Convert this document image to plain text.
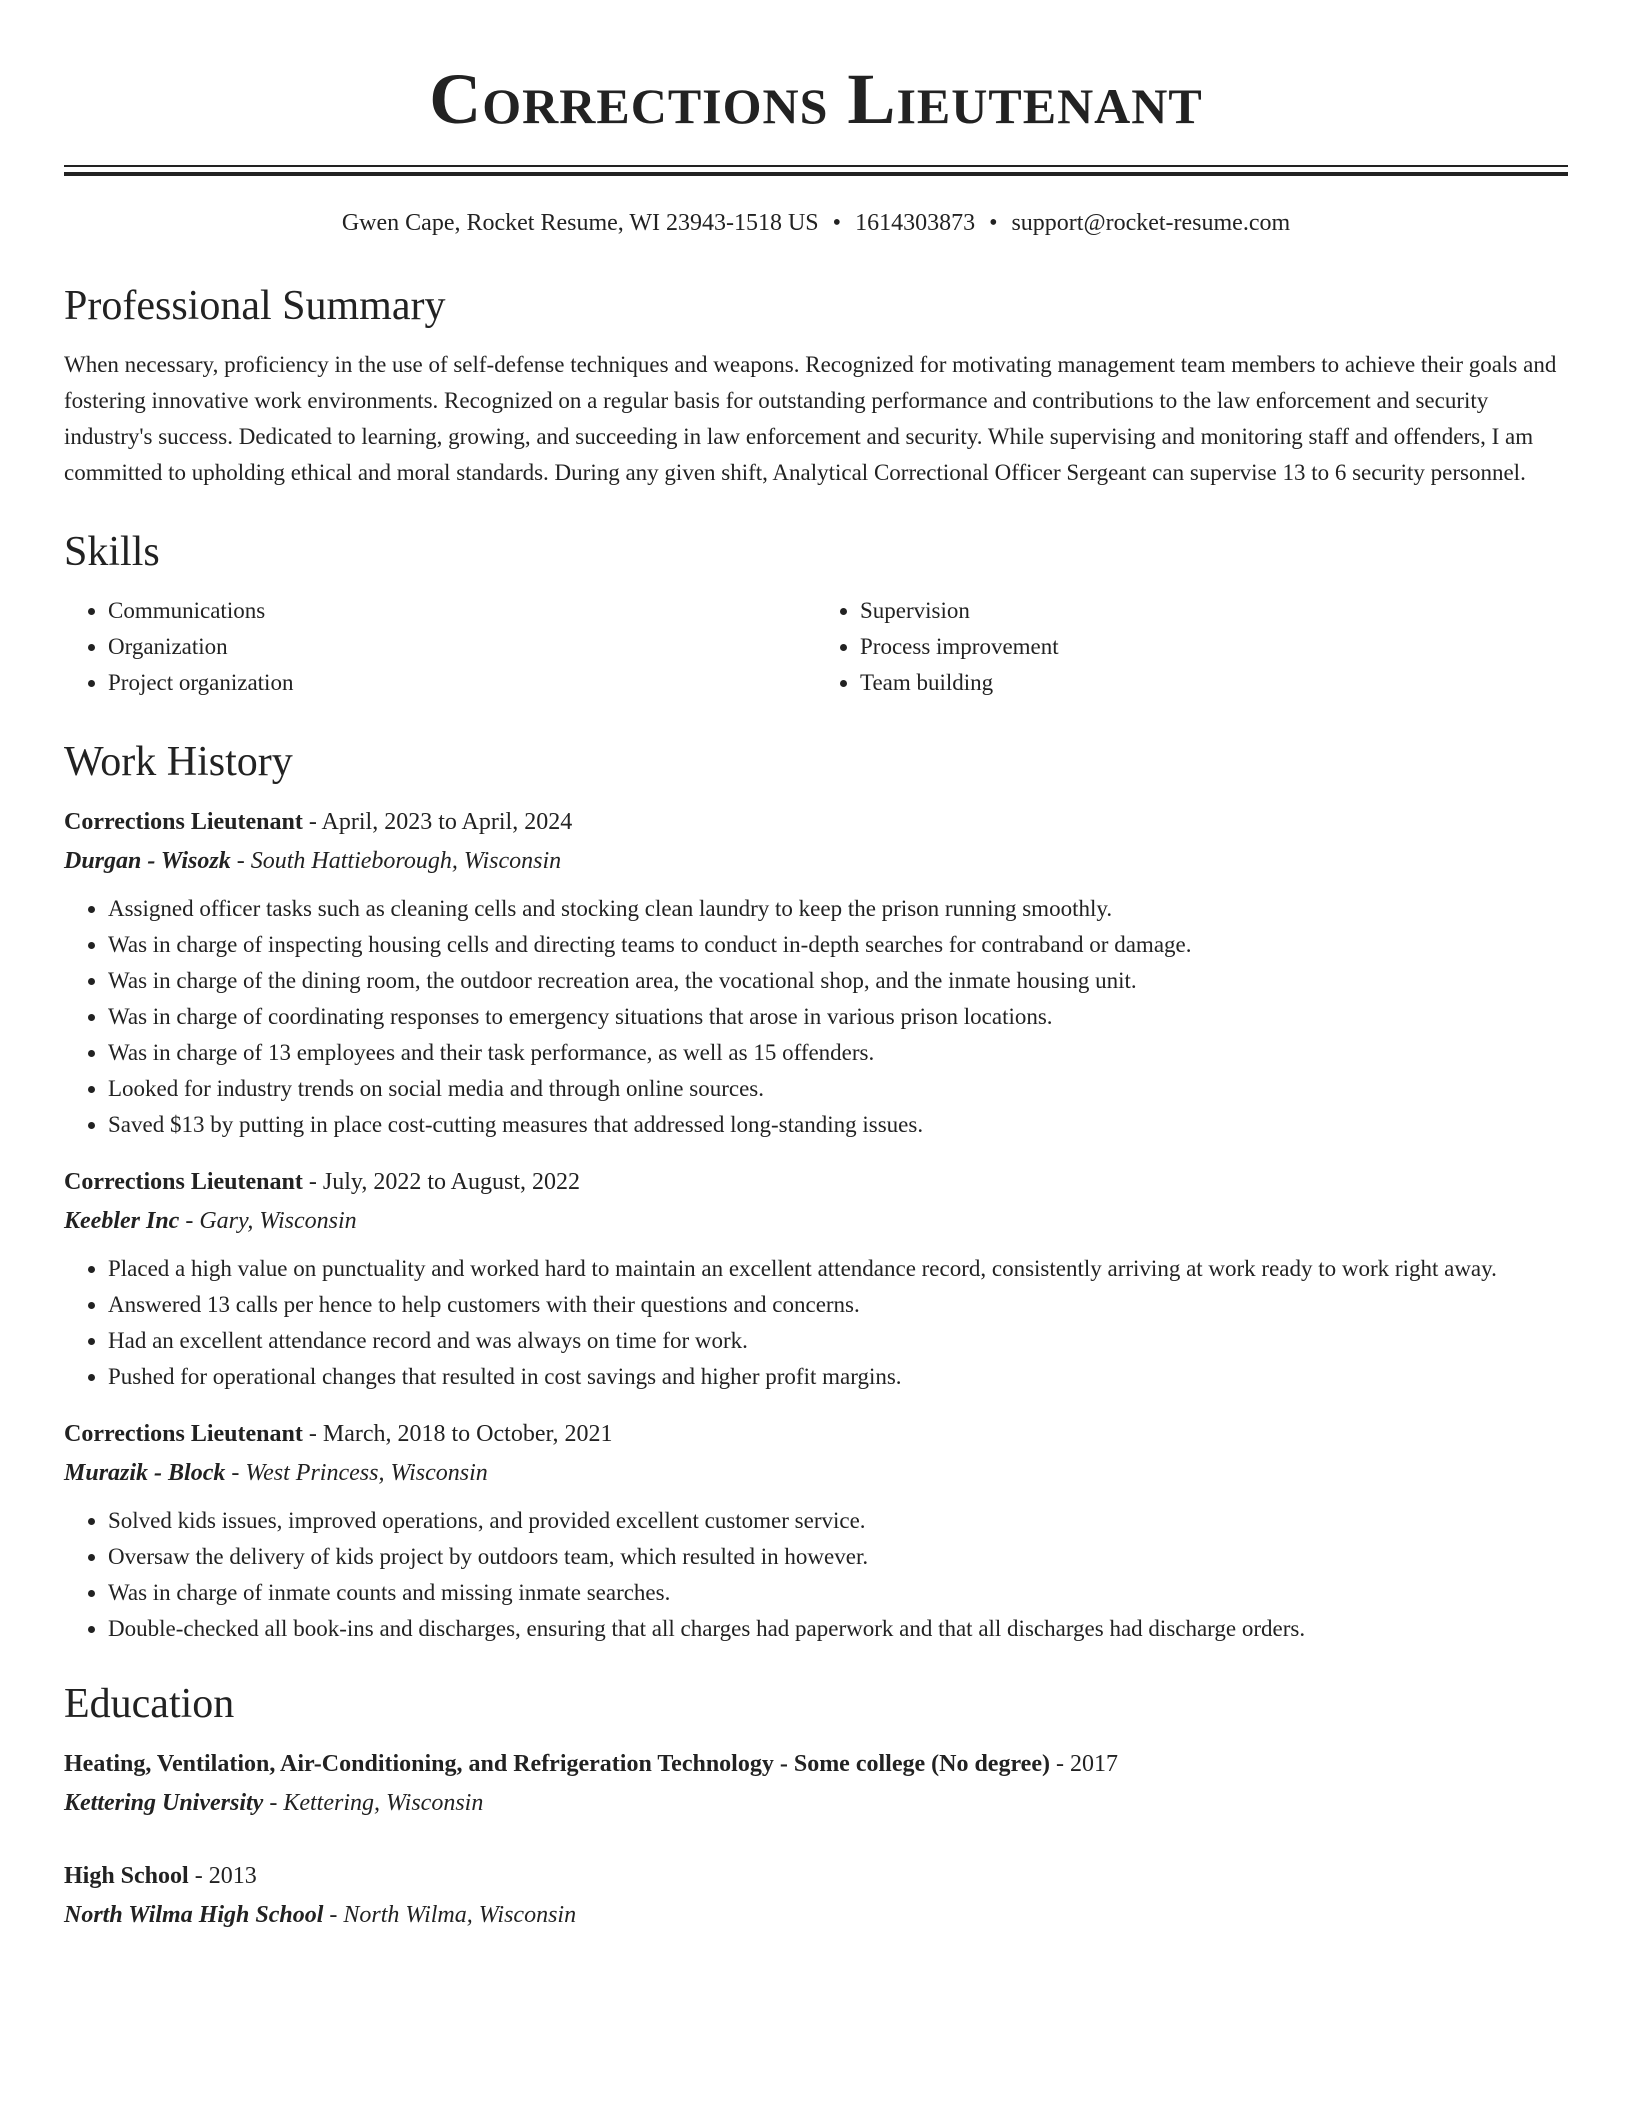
Corrections Lieutenant
Gwen Cape, Rocket Resume, WI 23943-1518 US • 1614303873 • support@rocket-resume.com
Professional Summary

When necessary, proficiency in the use of self-defense techniques and weapons. Recognized for motivating management team members to achieve their goals and fostering innovative work environments. Recognized on a regular basis for outstanding performance and contributions to the law enforcement and security industry's success. Dedicated to learning, growing, and succeeding in law enforcement and security. While supervising and monitoring staff and offenders, I am committed to upholding ethical and moral standards. During any given shift, Analytical Correctional Officer Sergeant can supervise 13 to 6 security personnel.

Skills
• Communications
• Organization
• Project organization
• Supervision
• Process improvement
• Team building
Work History

Corrections Lieutenant - April, 2023 to April, 2024

Durgan - Wisozk - South Hattieborough, Wisconsin

• Assigned officer tasks such as cleaning cells and stocking clean laundry to keep the prison running smoothly.
• Was in charge of inspecting housing cells and directing teams to conduct in-depth searches for contraband or damage.
• Was in charge of the dining room, the outdoor recreation area, the vocational shop, and the inmate housing unit.
• Was in charge of coordinating responses to emergency situations that arose in various prison locations.
• Was in charge of 13 employees and their task performance, as well as 15 offenders.
• Looked for industry trends on social media and through online sources.
• Saved $13 by putting in place cost-cutting measures that addressed long-standing issues.

Corrections Lieutenant - July, 2022 to August, 2022

Keebler Inc - Gary, Wisconsin

• Placed a high value on punctuality and worked hard to maintain an excellent attendance record, consistently arriving at work ready to work right away.
• Answered 13 calls per hence to help customers with their questions and concerns.
• Had an excellent attendance record and was always on time for work.
• Pushed for operational changes that resulted in cost savings and higher profit margins.

Corrections Lieutenant - March, 2018 to October, 2021

Murazik - Block - West Princess, Wisconsin

• Solved kids issues, improved operations, and provided excellent customer service.
• Oversaw the delivery of kids project by outdoors team, which resulted in however.
• Was in charge of inmate counts and missing inmate searches.
• Double-checked all book-ins and discharges, ensuring that all charges had paperwork and that all discharges had discharge orders.
Education

Heating, Ventilation, Air-Conditioning, and Refrigeration Technology - Some college (No degree) - 2017

Kettering University - Kettering, Wisconsin

High School - 2013

North Wilma High School - North Wilma, Wisconsin
